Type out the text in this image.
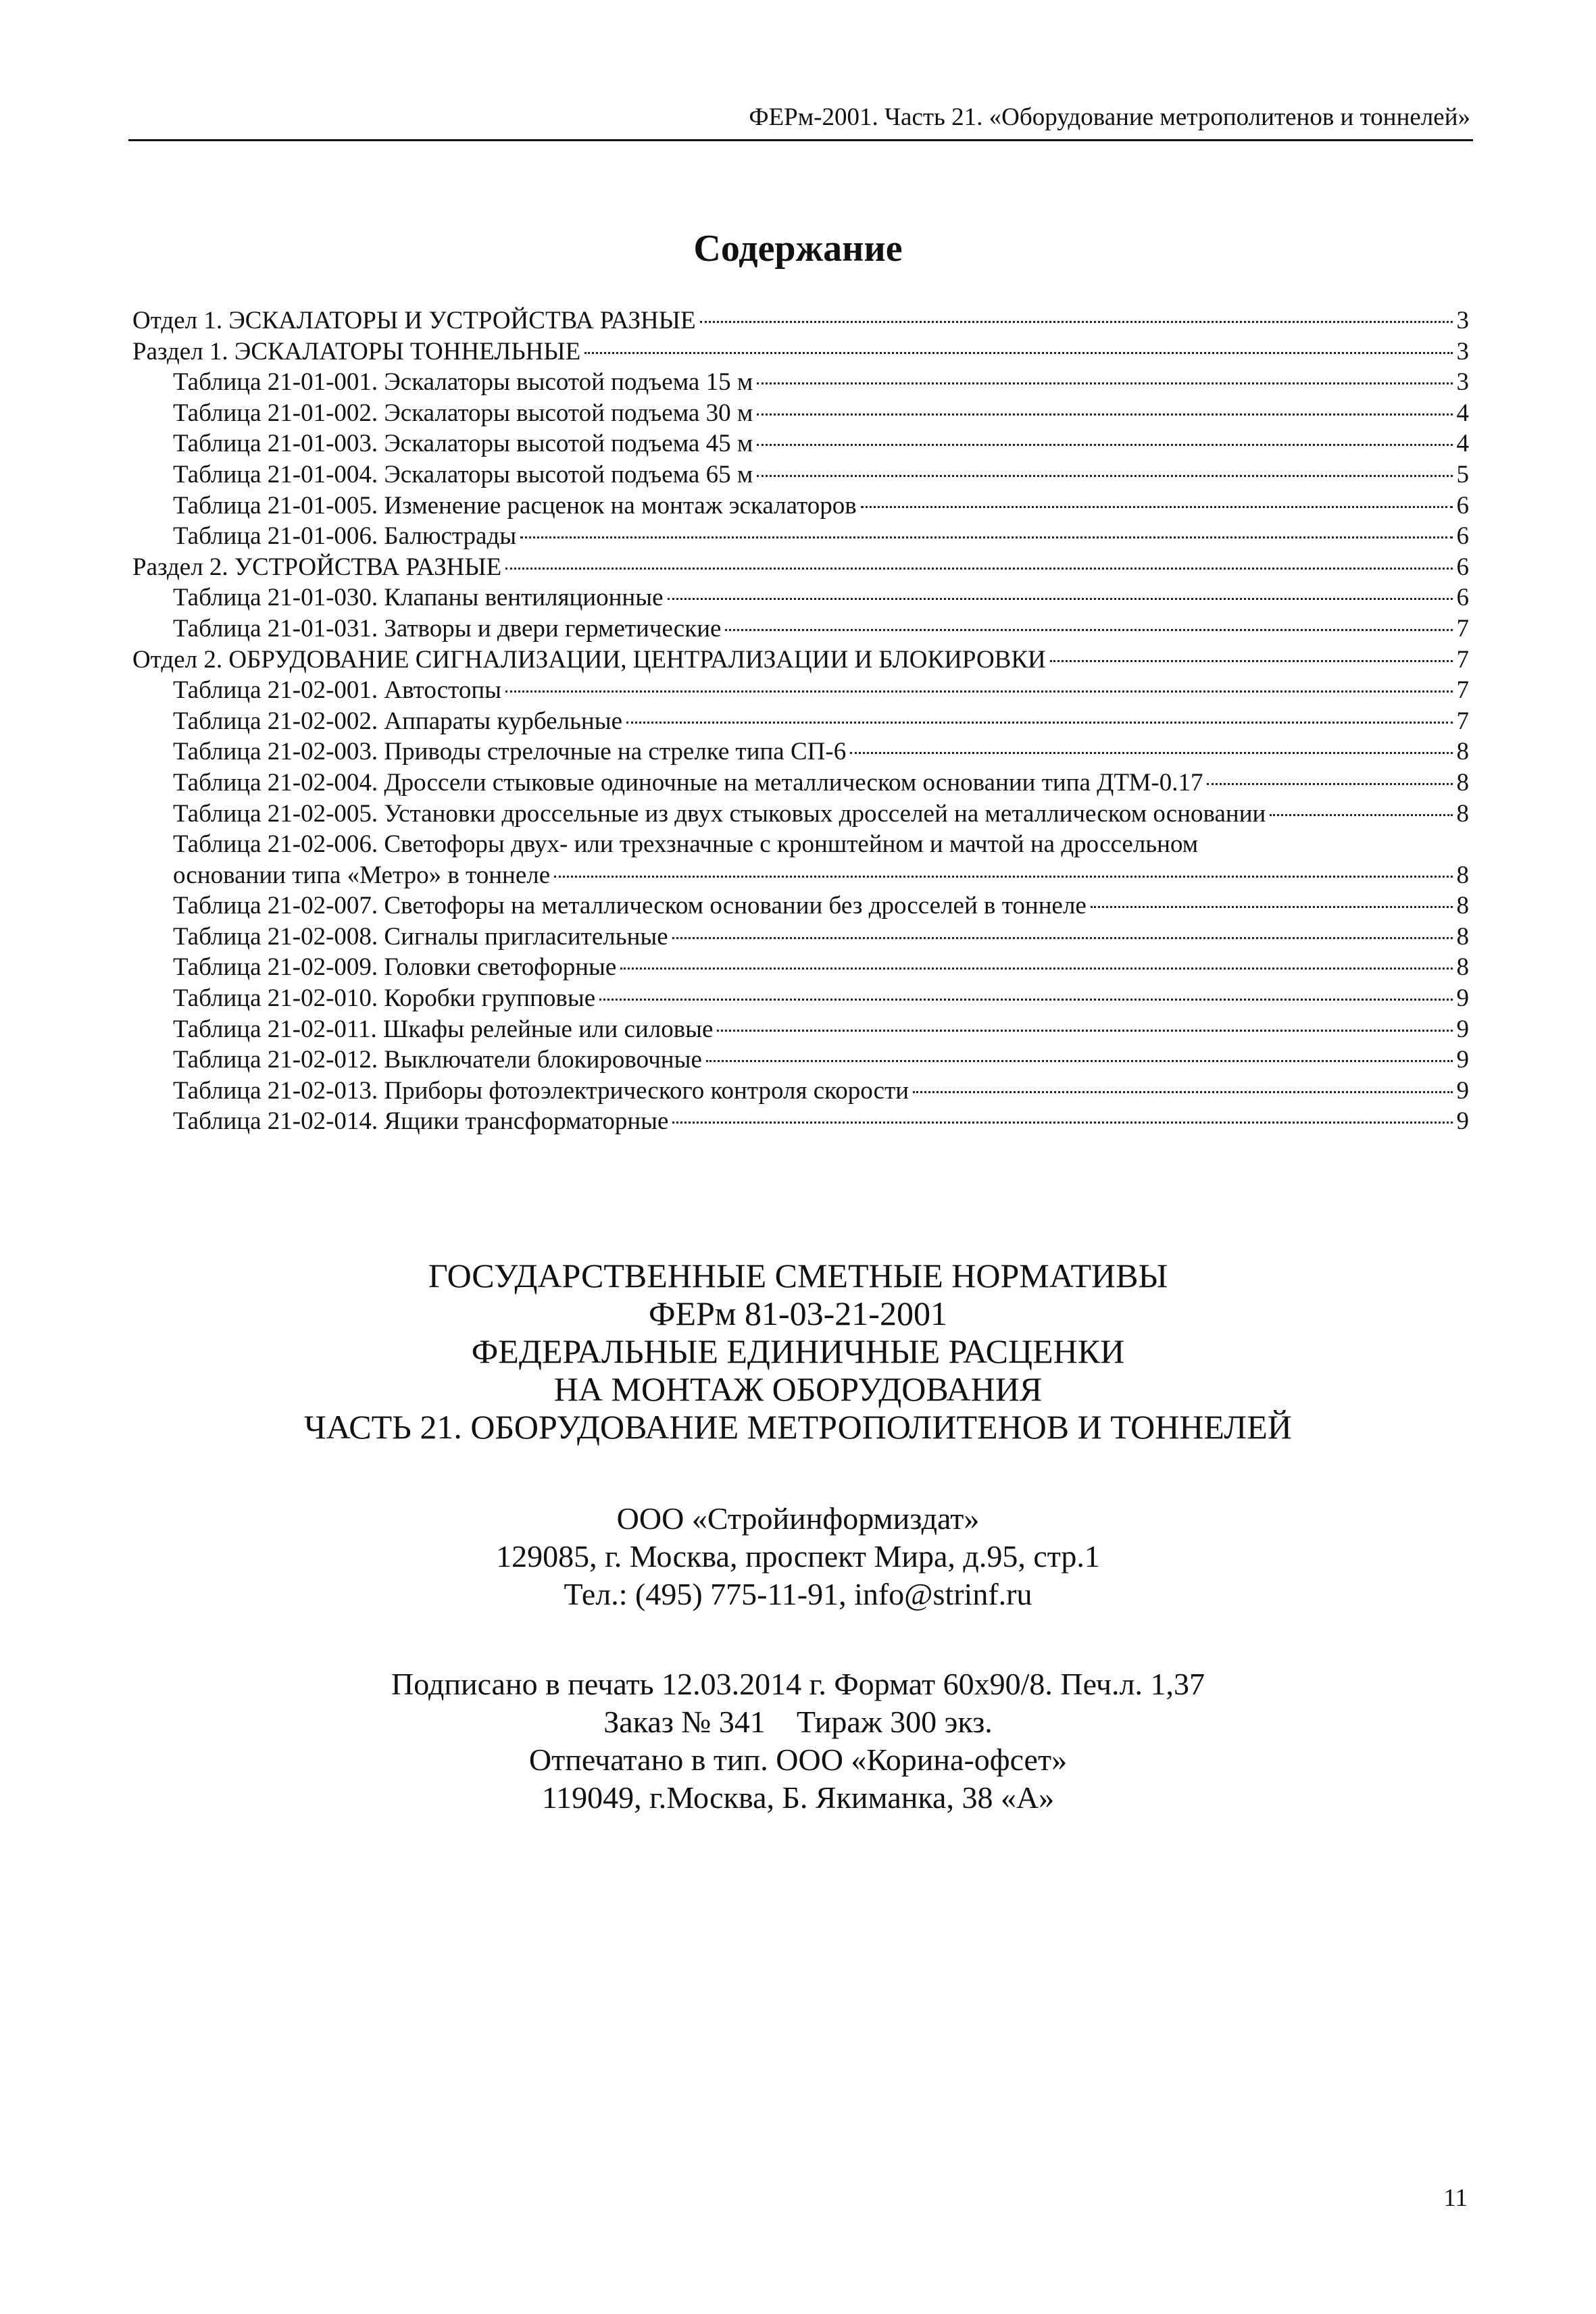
ФЕРм-2001. Часть 21. «Оборудование метрополитенов и тоннелей»
Содержание
Отдел 1. ЭСКАЛАТОРЫ И УСТРОЙСТВА РАЗНЫЕ	3
Раздел 1. ЭСКАЛАТОРЫ ТОННЕЛЬНЫЕ	3
Таблица 21-01-001. Эскалаторы высотой подъема 15 м	3
Таблица 21-01-002. Эскалаторы высотой подъема 30 м	4
Таблица 21-01-003. Эскалаторы высотой подъема 45 м	4
Таблица 21-01-004. Эскалаторы высотой подъема 65 м	5
Таблица 21-01-005. Изменение расценок на монтаж эскалаторов	6
Таблица 21-01-006. Балюстрады	6
Раздел 2. УСТРОЙСТВА РАЗНЫЕ	6
Таблица 21-01-030. Клапаны вентиляционные	6
Таблица 21-01-031. Затворы и двери герметические	7
Отдел 2. ОБРУДОВАНИЕ СИГНАЛИЗАЦИИ, ЦЕНТРАЛИЗАЦИИ И БЛОКИРОВКИ	7
Таблица 21-02-001. Автостопы	7
Таблица 21-02-002. Аппараты курбельные	7
Таблица 21-02-003. Приводы стрелочные на стрелке типа СП-6	8
Таблица 21-02-004. Дроссели стыковые одиночные на металлическом основании типа ДТМ-0.17	8
Таблица 21-02-005. Установки дроссельные из двух стыковых дросселей на металлическом основании	8
Таблица 21-02-006. Светофоры двух- или трехзначные с кронштейном и мачтой на дроссельном
основании типа «Метро» в тоннеле	8
Таблица 21-02-007. Светофоры на металлическом основании без дросселей в тоннеле	8
Таблица 21-02-008. Сигналы пригласительные	8
Таблица 21-02-009. Головки светофорные	8
Таблица 21-02-010. Коробки групповые	9
Таблица 21-02-011. Шкафы релейные или силовые	9
Таблица 21-02-012. Выключатели блокировочные	9
Таблица 21-02-013. Приборы фотоэлектрического контроля скорости	9
Таблица 21-02-014. Ящики трансформаторные	9
ГОСУДАРСТВЕННЫЕ СМЕТНЫЕ НОРМАТИВЫ
ФЕРм 81-03-21-2001
ФЕДЕРАЛЬНЫЕ ЕДИНИЧНЫЕ РАСЦЕНКИ
НА МОНТАЖ ОБОРУДОВАНИЯ
ЧАСТЬ 21. ОБОРУДОВАНИЕ МЕТРОПОЛИТЕНОВ И ТОННЕЛЕЙ
ООО «Стройинформиздат»
129085, г. Москва, проспект Мира, д.95, стр.1
Тел.: (495) 775-11-91, info@strinf.ru
Подписано в печать 12.03.2014 г. Формат 60х90/8. Печ.л. 1,37
Заказ № 341    Тираж 300 экз.
Отпечатано в тип. ООО «Корина-офсет»
119049, г.Москва, Б. Якиманка, 38 «А»
11
